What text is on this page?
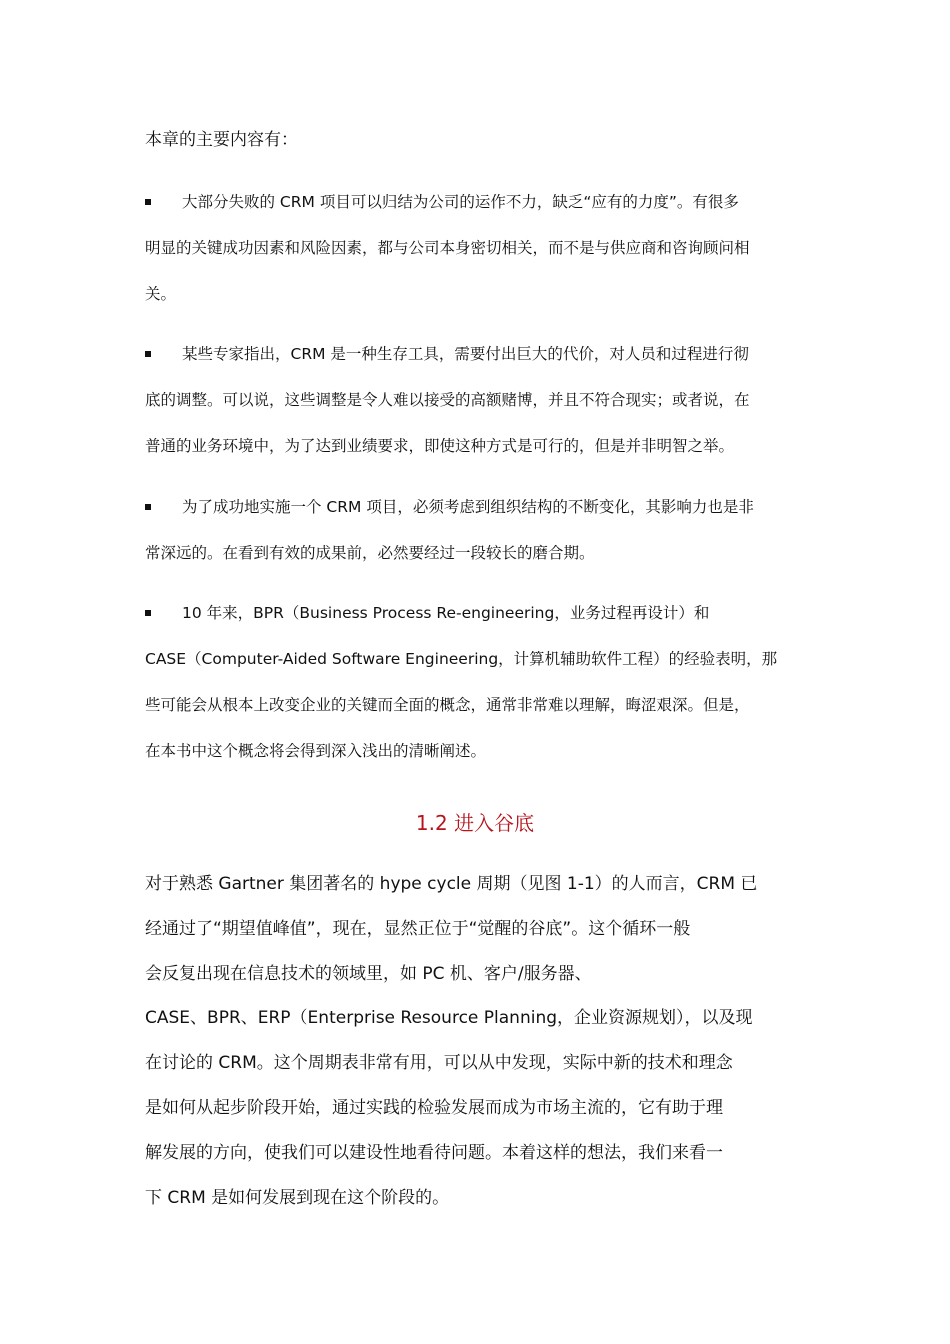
本章的主要内容有：
大部分失败的 CRM 项目可以归结为公司的运作不力，缺乏“应有的力度”。有很多
明显的关键成功因素和风险因素，都与公司本身密切相关，而不是与供应商和咨询顾问相
关。
某些专家指出，CRM 是一种生存工具，需要付出巨大的代价，对人员和过程进行彻
底的调整。可以说，这些调整是令人难以接受的高额赌博，并且不符合现实；或者说，在
普通的业务环境中，为了达到业绩要求，即使这种方式是可行的，但是并非明智之举。
为了成功地实施一个 CRM 项目，必须考虑到组织结构的不断变化，其影响力也是非
常深远的。在看到有效的成果前，必然要经过一段较长的磨合期。
10 年来，BPR（Business Process Re-engineering，业务过程再设计）和
CASE（Computer-Aided Software Engineering，计算机辅助软件工程）的经验表明，那
些可能会从根本上改变企业的关键而全面的概念，通常非常难以理解，晦涩艰深。但是，
在本书中这个概念将会得到深入浅出的清晰阐述。
1.2 进入谷底
对于熟悉 Gartner 集团著名的 hype cycle 周期（见图 1-1）的人而言，CRM 已
经通过了“期望值峰值”，现在，显然正位于“觉醒的谷底”。这个循环一般
会反复出现在信息技术的领域里，如 PC 机、客户/服务器、
CASE、BPR、ERP（Enterprise Resource Planning，企业资源规划），以及现
在讨论的 CRM。这个周期表非常有用，可以从中发现，实际中新的技术和理念
是如何从起步阶段开始，通过实践的检验发展而成为市场主流的，它有助于理
解发展的方向，使我们可以建设性地看待问题。本着这样的想法，我们来看一
下 CRM 是如何发展到现在这个阶段的。
